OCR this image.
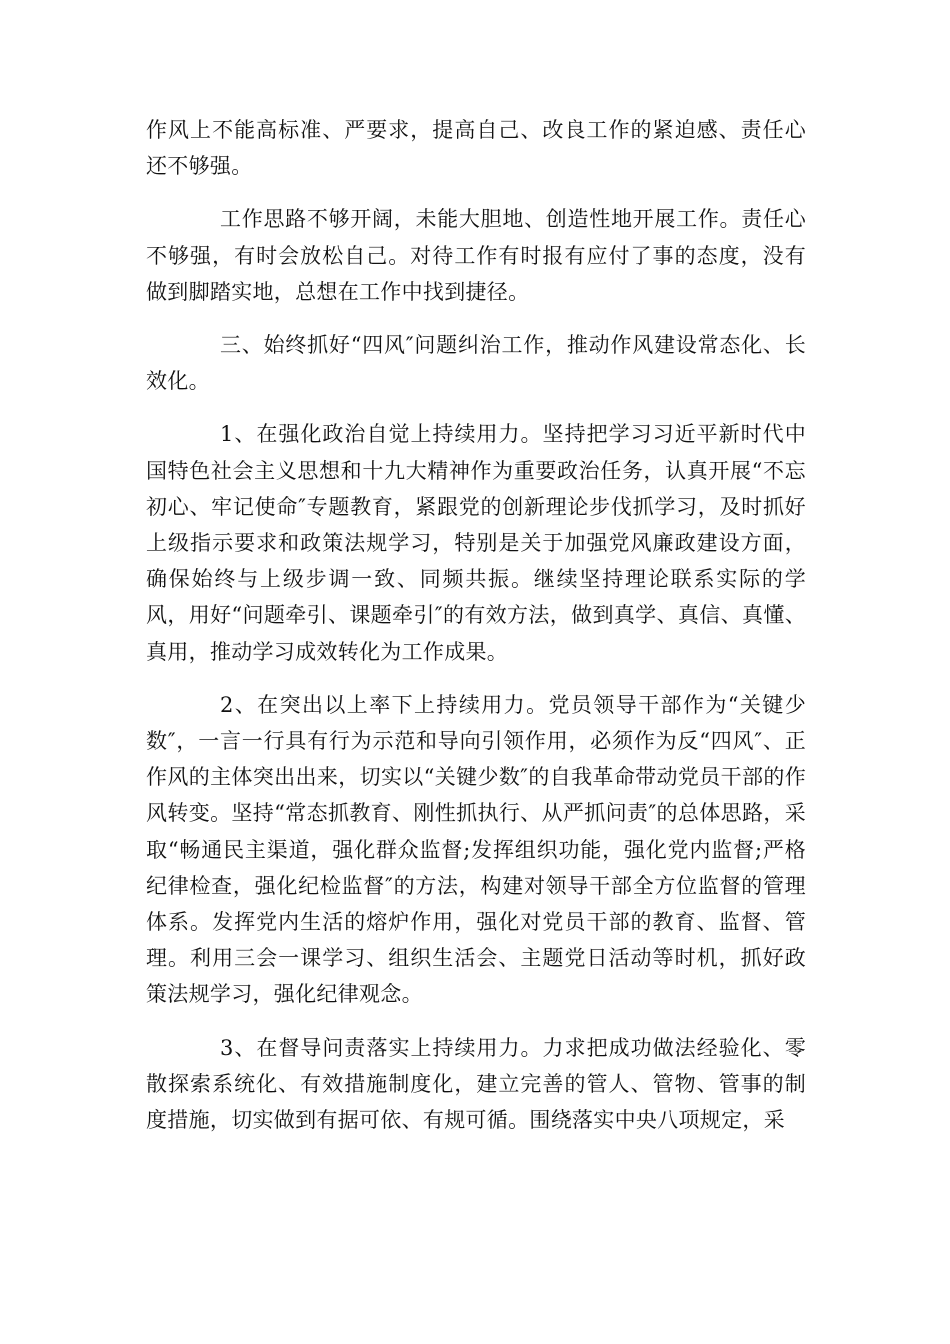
作风上不能高标准、严要求，提高自己、改良工作的紧迫感、责任心还不够强。

工作思路不够开阔，未能大胆地、创造性地开展工作。责任心不够强，有时会放松自己。对待工作有时报有应付了事的态度，没有做到脚踏实地，总想在工作中找到捷径。

三、始终抓好“四风″问题纠治工作，推动作风建设常态化、长效化。

1、在强化政治自觉上持续用力。坚持把学习习近平新时代中国特色社会主义思想和十九大精神作为重要政治任务，认真开展“不忘初心、牢记使命″专题教育，紧跟党的创新理论步伐抓学习，及时抓好上级指示要求和政策法规学习，特别是关于加强党风廉政建设方面，确保始终与上级步调一致、同频共振。继续坚持理论联系实际的学风，用好“问题牵引、课题牵引″的有效方法，做到真学、真信、真懂、真用，推动学习成效转化为工作成果。

2、在突出以上率下上持续用力。党员领导干部作为“关键少数″，一言一行具有行为示范和导向引领作用，必须作为反“四风″、正作风的主体突出出来，切实以“关键少数″的自我革命带动党员干部的作风转变。坚持“常态抓教育、刚性抓执行、从严抓问责″的总体思路，采取“畅通民主渠道，强化群众监督;发挥组织功能，强化党内监督;严格纪律检查，强化纪检监督″的方法，构建对领导干部全方位监督的管理体系。发挥党内生活的熔炉作用，强化对党员干部的教育、监督、管理。利用三会一课学习、组织生活会、主题党日活动等时机，抓好政策法规学习，强化纪律观念。

3、在督导问责落实上持续用力。力求把成功做法经验化、零散探索系统化、有效措施制度化，建立完善的管人、管物、管事的制度措施，切实做到有据可依、有规可循。围绕落实中央八项规定，采
